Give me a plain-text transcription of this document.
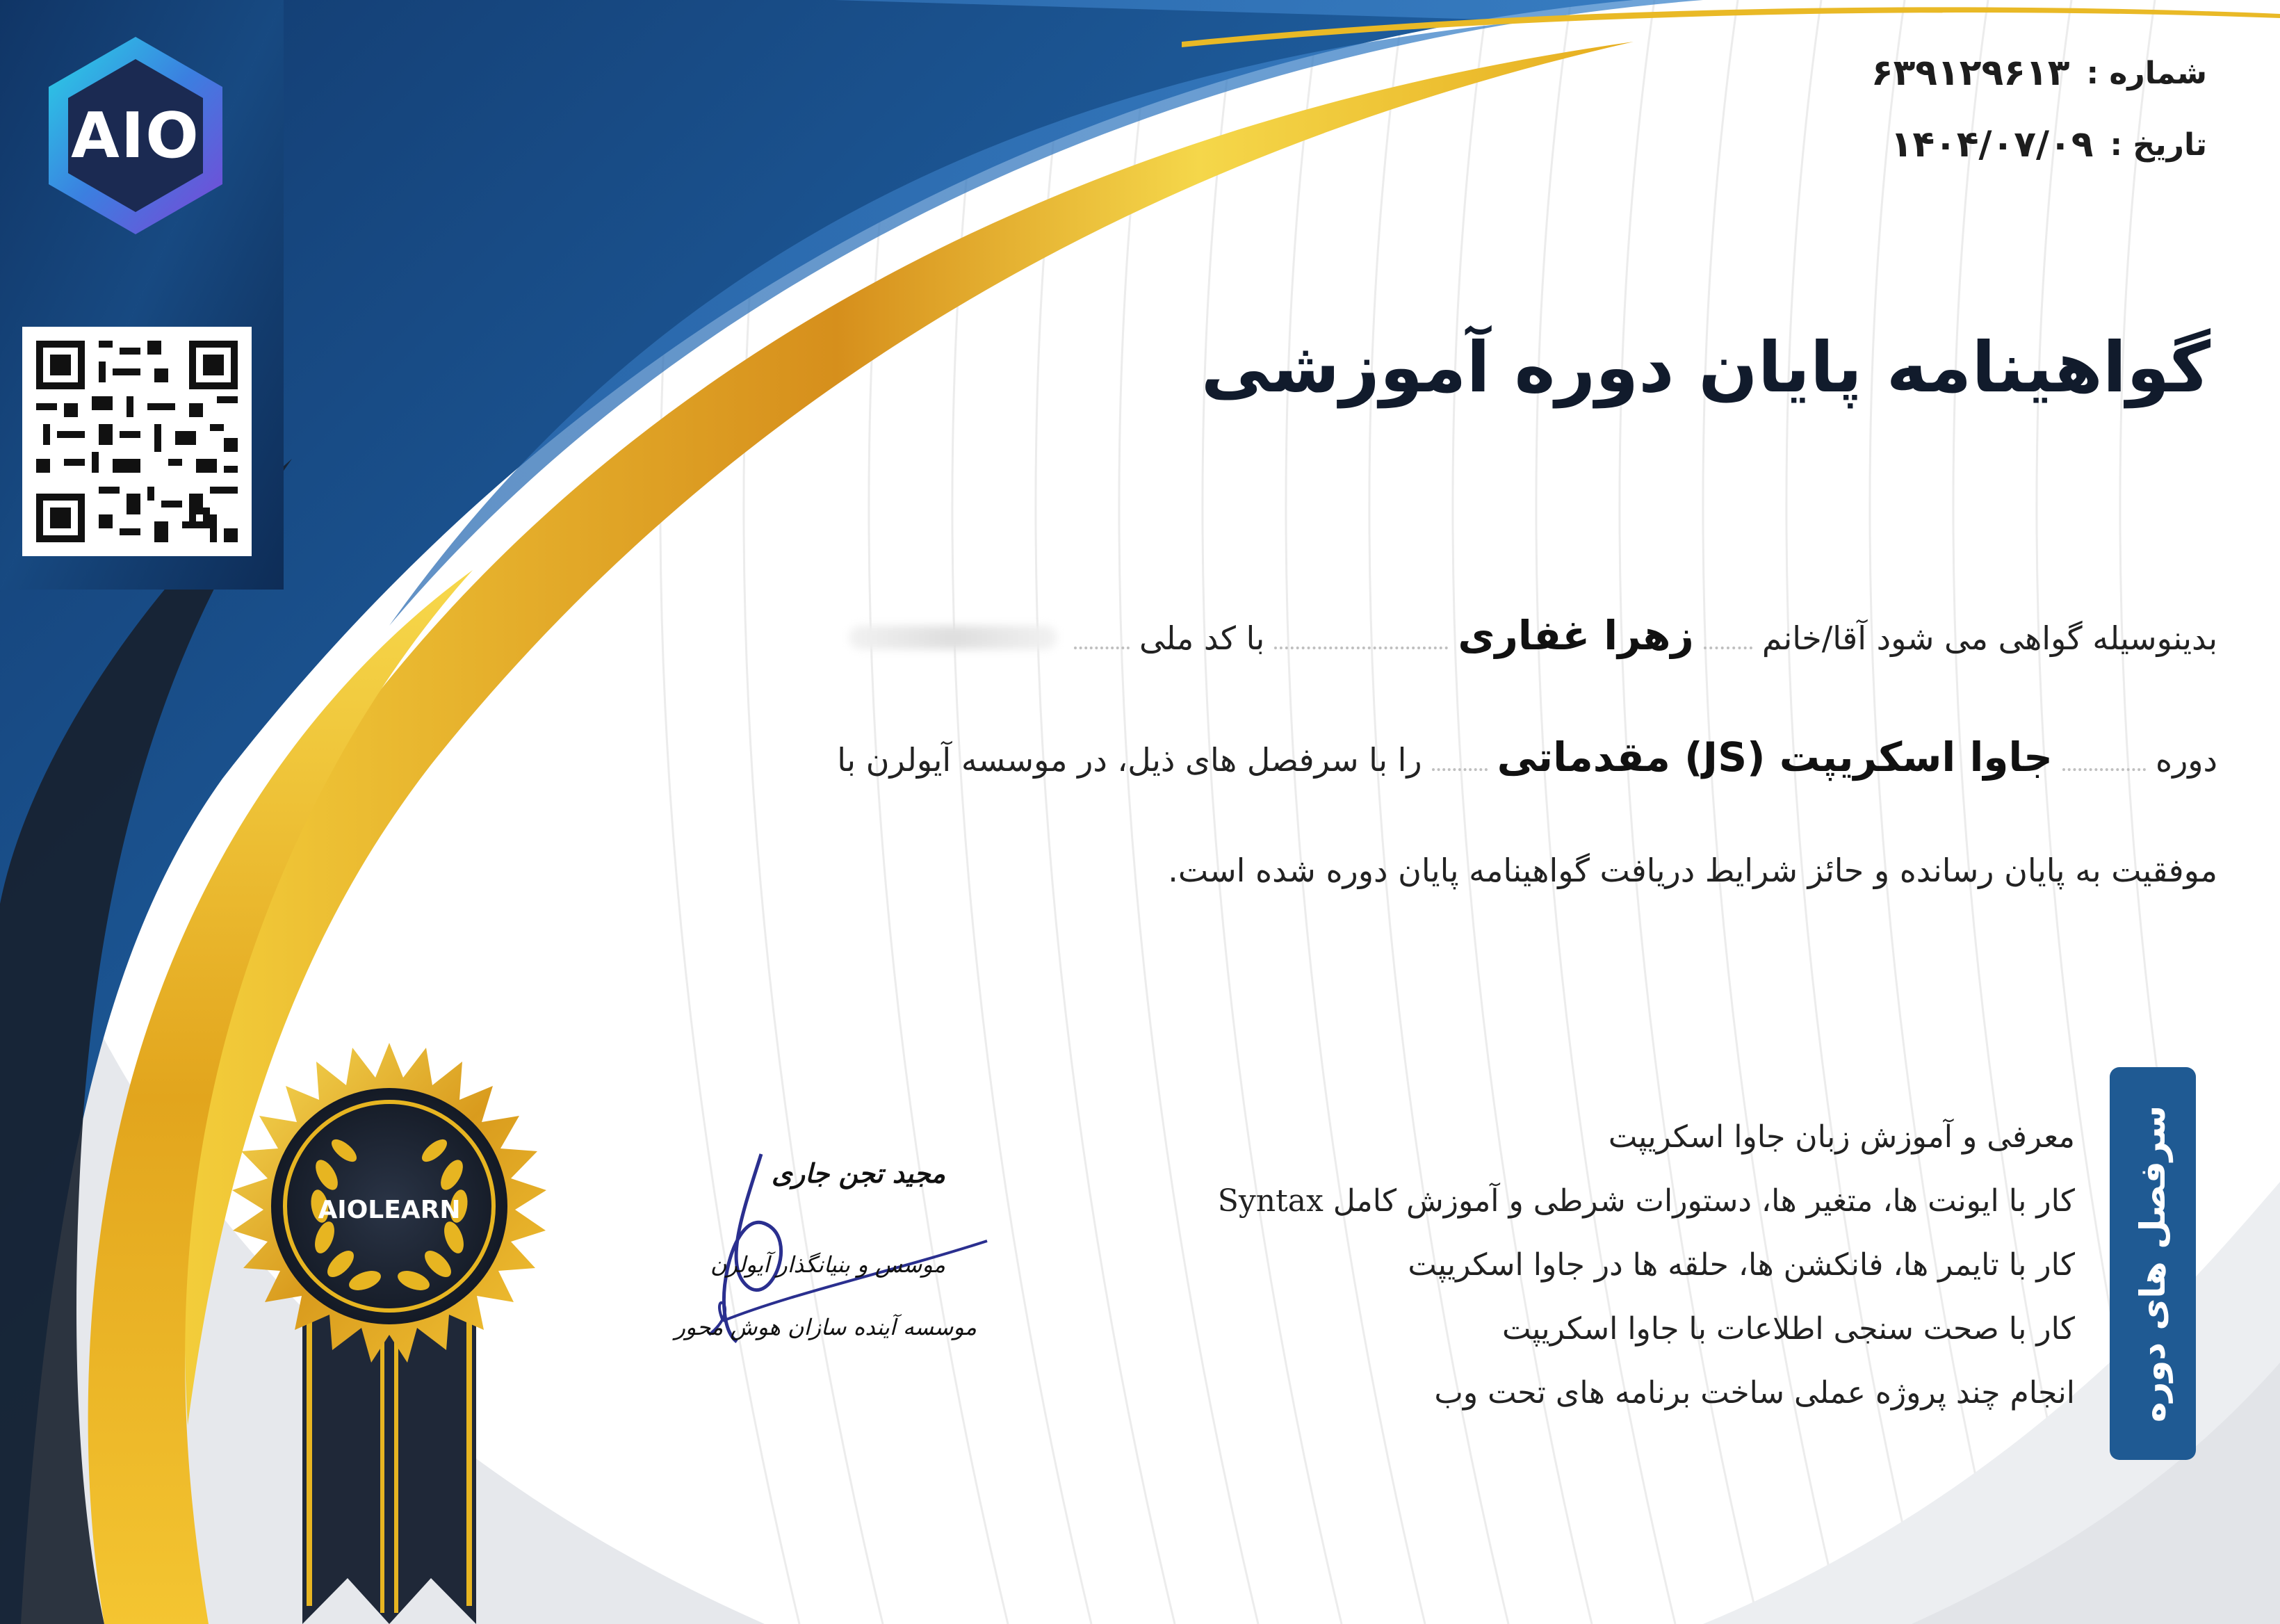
AIO
شماره :
۶۳۹۱۲۹۶۱۳
تاریخ :
۱۴۰۴/۰۷/۰۹
گواهینامه پایان دوره آموزشی
بدینوسیله گواهی می شود آقا/خانم
زهرا غفاری
با کد ملی
دوره
جاوا اسکریپت (JS) مقدماتی
را با سرفصل های ذیل، در موسسه آیولرن با
موفقیت به پایان رسانده و حائز شرایط دریافت گواهینامه پایان دوره شده است.
سرفصل های دوره
معرفی و آموزش زبان جاوا اسکریپت
کار با ایونت ها، متغیر ها، دستورات شرطی و آموزش کامل Syntax
کار با تایمر ها، فانکشن ها، حلقه ها در جاوا اسکریپت
کار با صحت سنجی اطلاعات با جاوا اسکریپت
انجام چند پروژه عملی ساخت برنامه های تحت وب
AIOLEARN
مجید تجن جاری
موسس و بنیانگذار آیولرن
موسسه آینده سازان هوش محور
